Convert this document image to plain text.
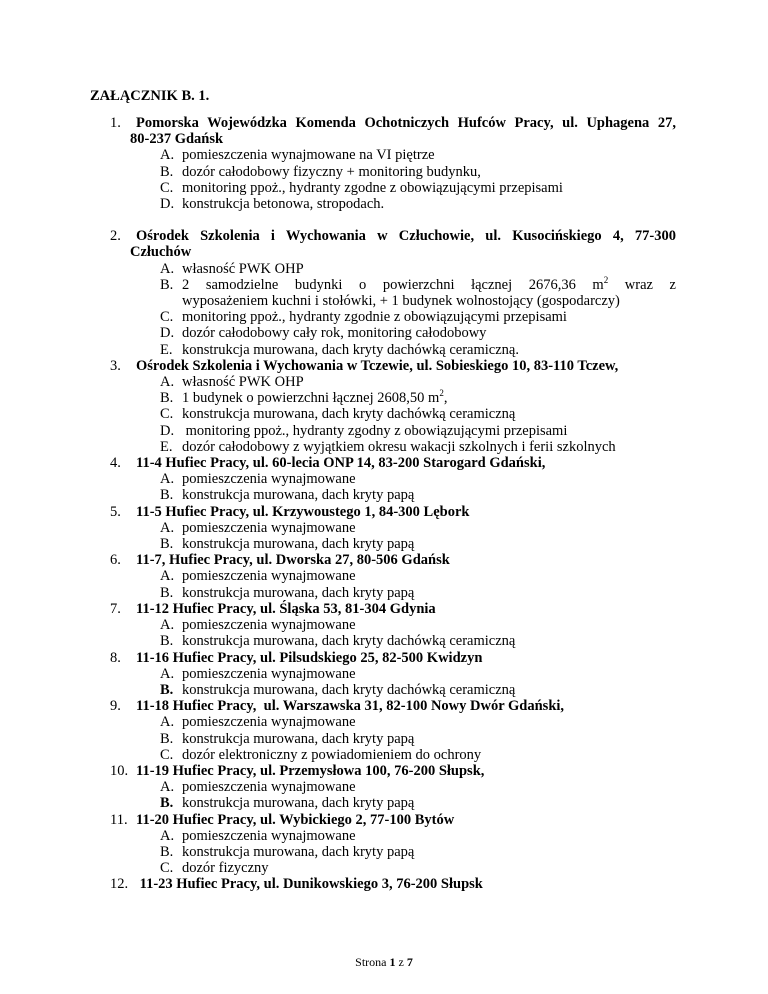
ZAŁĄCZNIK B. 1.
1.	Pomorska Wojewódzka Komenda Ochotniczych Hufców Pracy, ul. Uphagena 27,
80-237 Gdańsk
A. pomieszczenia wynajmowane na VI piętrze
B. dozór całodobowy fizyczny + monitoring budynku,
C. monitoring ppoż., hydranty zgodne z obowiązującymi przepisami
D. konstrukcja betonowa, stropodach.
2.	Ośrodek Szkolenia i Wychowania w Człuchowie, ul. Kusocińskiego 4, 77-300
Człuchów
A. własność PWK OHP
B. 2 samodzielne budynki o powierzchni łącznej 2676,36 $m^2$ wraz z
wyposażeniem kuchni i stołówki, + 1 budynek wolnostojący (gospodarczy)
C. monitoring ppoż., hydranty zgodnie z obowiązującymi przepisami
D. dozór całodobowy cały rok, monitoring całodobowy
E. konstrukcja murowana, dach kryty dachówką ceramiczną.
3.	Ośrodek Szkolenia i Wychowania w Tczewie, ul. Sobieskiego 10, 83-110 Tczew,
A. własność PWK OHP
B. 1 budynek o powierzchni łącznej 2608,50 $m^2$,
C. konstrukcja murowana, dach kryty dachówką ceramiczną
D. monitoring ppoż., hydranty zgodny z obowiązującymi przepisami
E. dozór całodobowy z wyjątkiem okresu wakacji szkolnych i ferii szkolnych
4.	11-4 Hufiec Pracy, ul. 60-lecia ONP 14, 83-200 Starogard Gdański,
A. pomieszczenia wynajmowane
B. konstrukcja murowana, dach kryty papą
5.	11-5 Hufiec Pracy, ul. Krzywoustego 1, 84-300 Lębork
A. pomieszczenia wynajmowane
B. konstrukcja murowana, dach kryty papą
6.	11-7, Hufiec Pracy, ul. Dworska 27, 80-506 Gdańsk
A. pomieszczenia wynajmowane
B. konstrukcja murowana, dach kryty papą
7.	11-12 Hufiec Pracy, ul. Śląska 53, 81-304 Gdynia
A. pomieszczenia wynajmowane
B. konstrukcja murowana, dach kryty dachówką ceramiczną
8.	11-16 Hufiec Pracy, ul. Pilsudskiego 25, 82-500 Kwidzyn
A. pomieszczenia wynajmowane
B. konstrukcja murowana, dach kryty dachówką ceramiczną
9.	11-18 Hufiec Pracy,  ul. Warszawska 31, 82-100 Nowy Dwór Gdański,
A. pomieszczenia wynajmowane
B. konstrukcja murowana, dach kryty papą
C. dozór elektroniczny z powiadomieniem do ochrony
10. 11-19 Hufiec Pracy, ul. Przemysłowa 100, 76-200 Słupsk,
A. pomieszczenia wynajmowane
B. konstrukcja murowana, dach kryty papą
11. 11-20 Hufiec Pracy, ul. Wybickiego 2, 77-100 Bytów
A. pomieszczenia wynajmowane
B. konstrukcja murowana, dach kryty papą
C. dozór fizyczny
12. 11-23 Hufiec Pracy, ul. Dunikowskiego 3, 76-200 Słupsk
Strona 1 z 7
